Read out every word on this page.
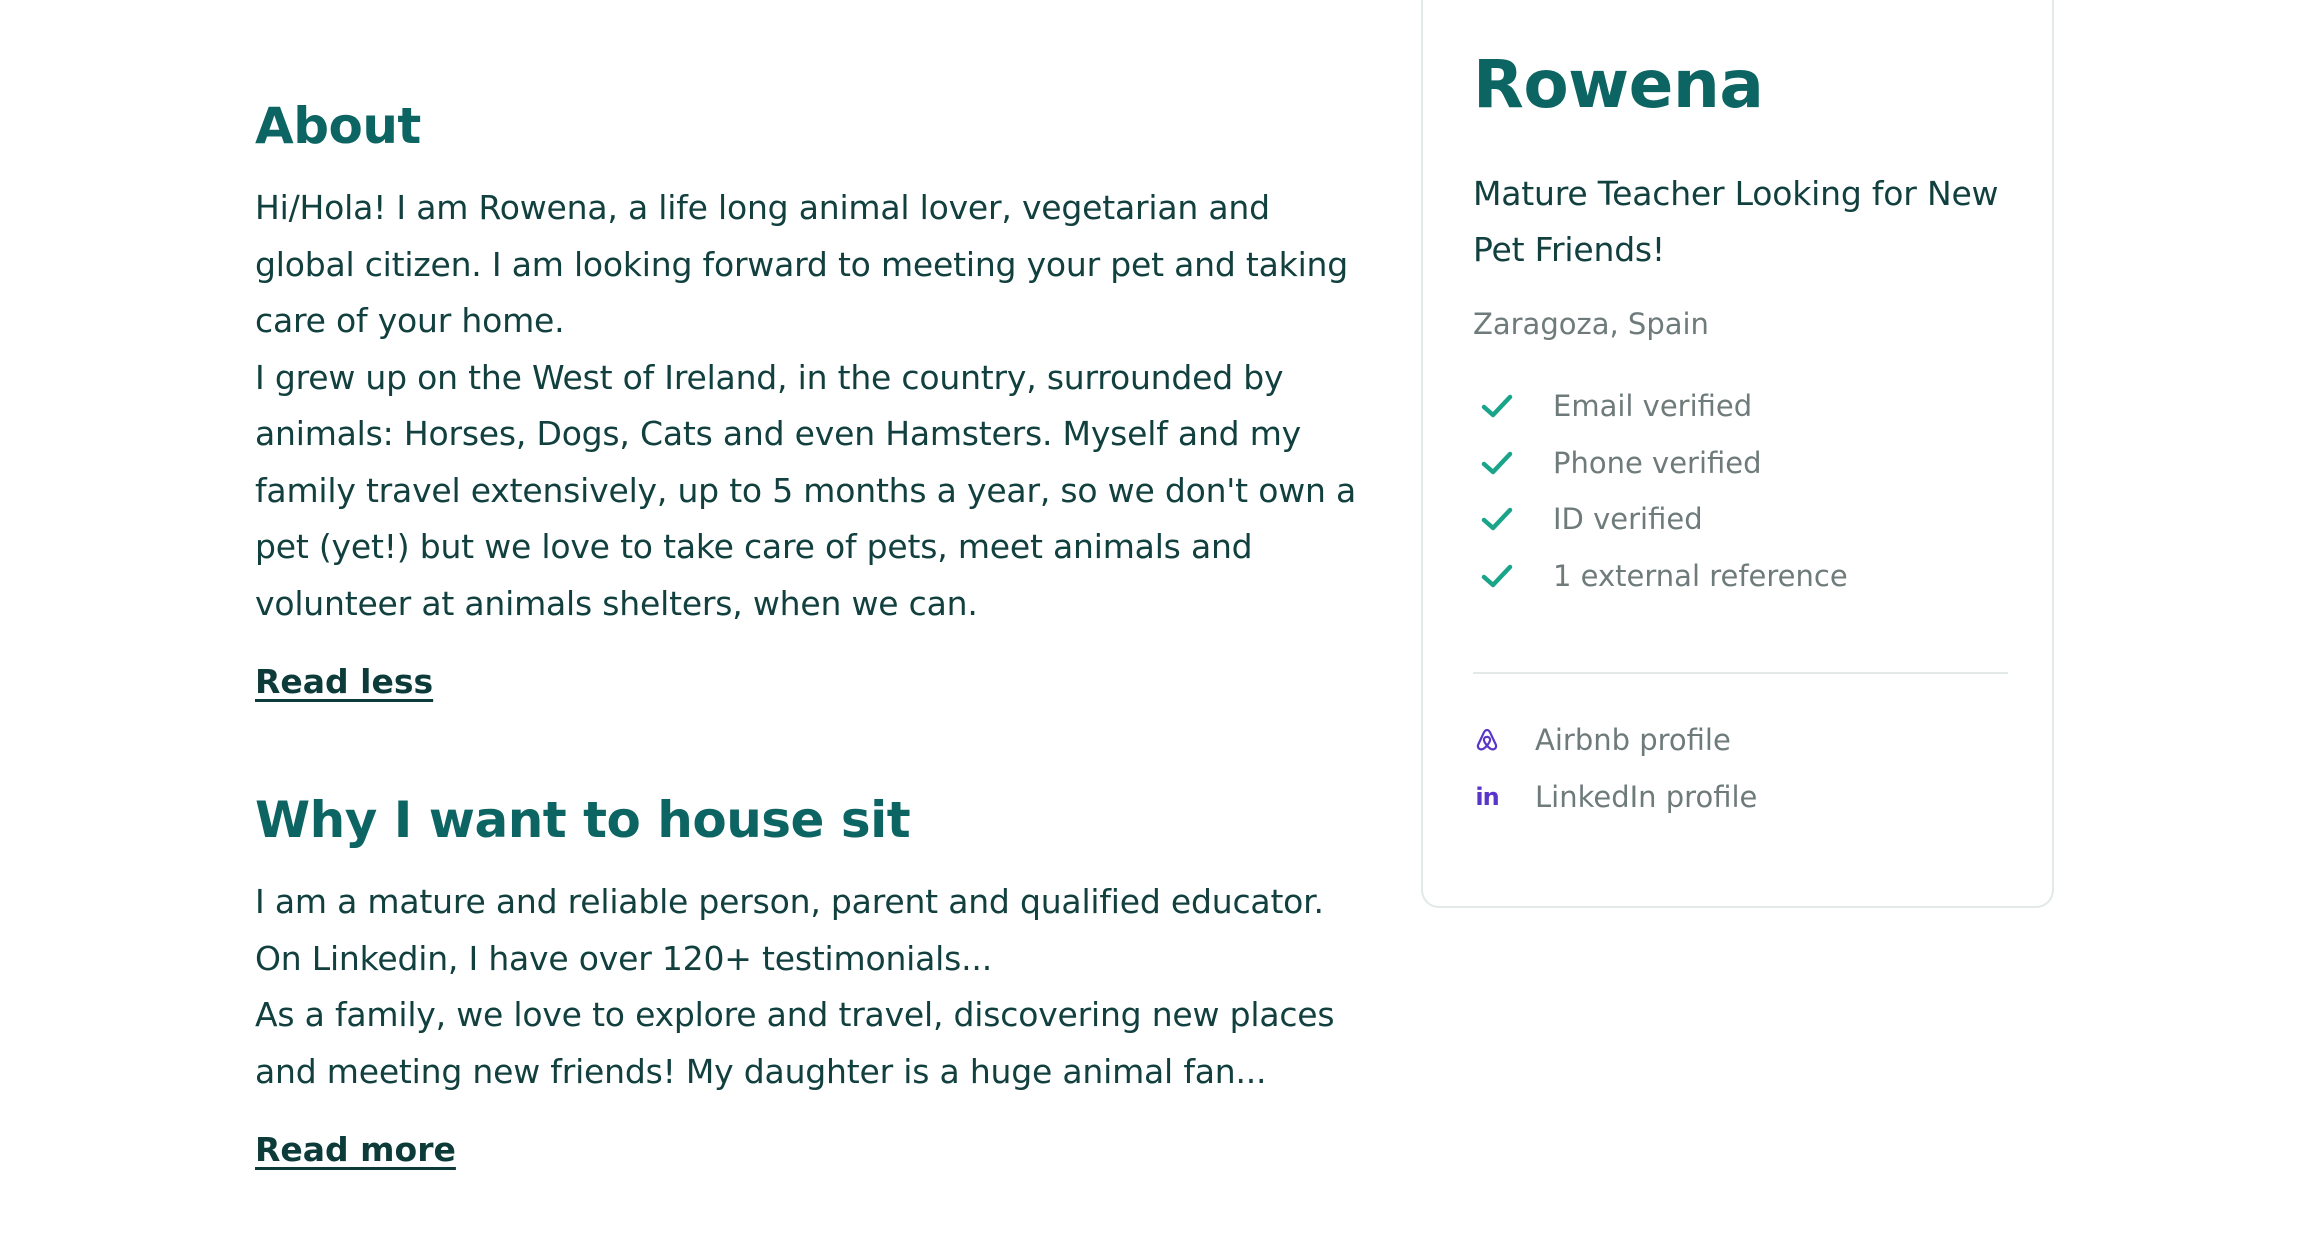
About

Hi/Hola! I am Rowena, a life long animal lover, vegetarian and global citizen. I am looking forward to meeting your pet and taking care of your home.

I grew up on the West of Ireland, in the country, surrounded by animals: Horses, Dogs, Cats and even Hamsters. Myself and my family travel extensively, up to 5 months a year, so we don't own a pet (yet!) but we love to take care of pets, meet animals and volunteer at animals shelters, when we can.

Read less
Why I want to house sit

I am a mature and reliable person, parent and qualified educator. On Linkedin, I have over 120+ testimonials...

As a family, we love to explore and travel, discovering new places and meeting new friends! My daughter is a huge animal fan...

Read more
Rowena
Mature Teacher Looking for New Pet Friends!
Zaragoza, Spain
Email verified
Phone verified
ID verified
1 external reference
Airbnb profile
in LinkedIn profile
